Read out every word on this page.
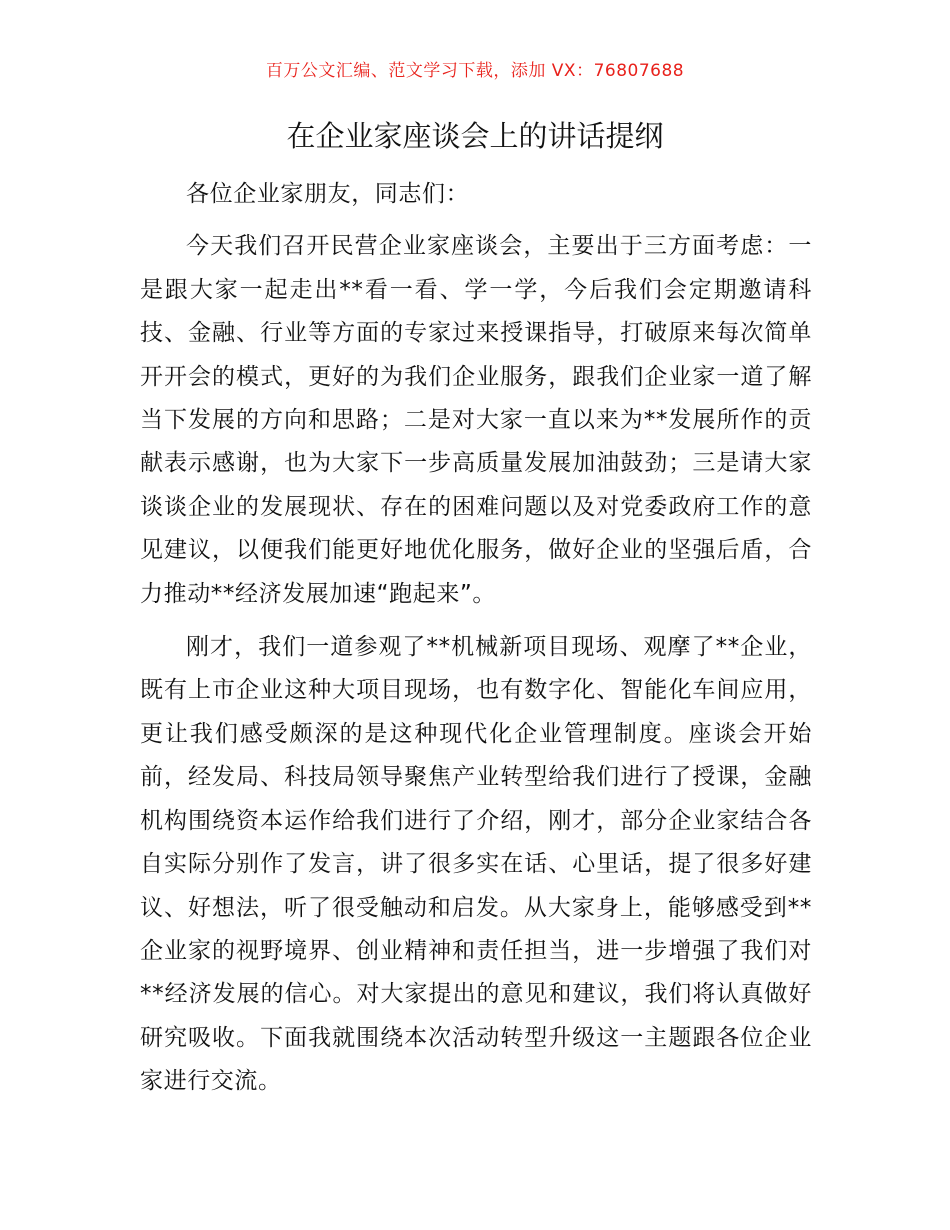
百万公文汇编、范文学习下载，添加 VX：76807688
在企业家座谈会上的讲话提纲

各位企业家朋友，同志们：

今天我们召开民营企业家座谈会，主要出于三方面考虑：一是跟大家一起走出**看一看、学一学，今后我们会定期邀请科技、金融、行业等方面的专家过来授课指导，打破原来每次简单开开会的模式，更好的为我们企业服务，跟我们企业家一道了解当下发展的方向和思路；二是对大家一直以来为**发展所作的贡献表示感谢，也为大家下一步高质量发展加油鼓劲；三是请大家谈谈企业的发展现状、存在的困难问题以及对党委政府工作的意见建议，以便我们能更好地优化服务，做好企业的坚强后盾，合力推动**经济发展加速“跑起来”。

刚才，我们一道参观了**机械新项目现场、观摩了**企业，既有上市企业这种大项目现场，也有数字化、智能化车间应用，更让我们感受颇深的是这种现代化企业管理制度。座谈会开始前，经发局、科技局领导聚焦产业转型给我们进行了授课，金融机构围绕资本运作给我们进行了介绍，刚才，部分企业家结合各自实际分别作了发言，讲了很多实在话、心里话，提了很多好建议、好想法，听了很受触动和启发。从大家身上，能够感受到**企业家的视野境界、创业精神和责任担当，进一步增强了我们对**经济发展的信心。对大家提出的意见和建议，我们将认真做好研究吸收。下面我就围绕本次活动转型升级这一主题跟各位企业家进行交流。
